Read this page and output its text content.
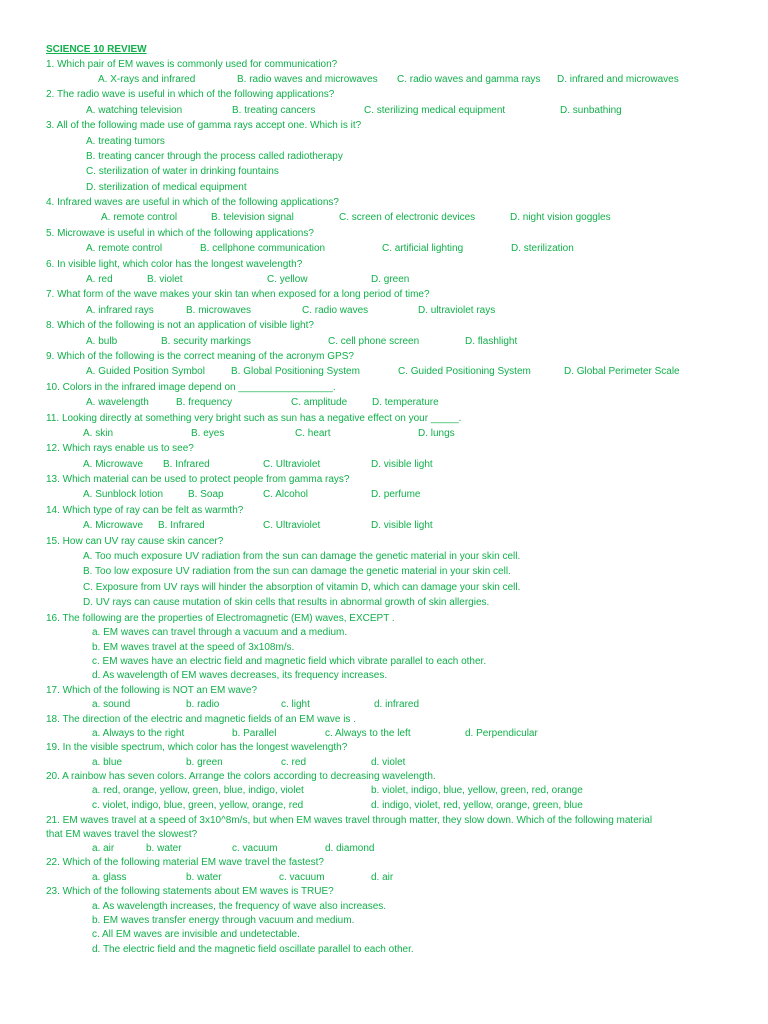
SCIENCE 10 REVIEW
1. Which pair of EM waves is commonly used for communication?
A. X-rays and infrared	B. radio waves and microwaves C. radio waves and gamma rays D. infrared and microwaves
2. The radio wave is useful in which of the following applications?
A. watching television	B. treating cancers	C. sterilizing medical equipment	D. sunbathing
3. All of the following made use of gamma rays accept one. Which is it?
A. treating tumors
B. treating cancer through the process called radiotherapy
C. sterilization of water in drinking fountains
D. sterilization of medical equipment
4. Infrared waves are useful in which of the following applications?
A. remote control	B. television signal	C. screen of electronic devices	D. night vision goggles
5. Microwave is useful in which of the following applications?
A. remote control	B. cellphone communication	C. artificial lighting	D. sterilization
6. In visible light, which color has the longest wavelength?
A. red	B. violet	C. yellow	D. green
7. What form of the wave makes your skin tan when exposed for a long period of time?
A. infrared rays	B. microwaves	C. radio waves	D. ultraviolet rays
8. Which of the following is not an application of visible light?
A. bulb	B. security markings	C. cell phone screen	D. flashlight
9. Which of the following is the correct meaning of the acronym GPS?
A. Guided Position Symbol	B. Global Positioning System	C. Guided Positioning System	D. Global Perimeter Scale
10. Colors in the infrared image depend on _________________.
A. wavelength	B. frequency	C. amplitude D. temperature
11. Looking directly at something very bright such as sun has a negative effect on your _____.
A. skin	B. eyes	C. heart	D. lungs
12. Which rays enable us to see?
A. Microwave B. Infrared	C. Ultraviolet	D. visible light
13. Which material can be used to protect people from gamma rays?
A. Sunblock lotion B. Soap	C. Alcohol	D. perfume
14. Which type of ray can be felt as warmth?
A. Microwave B. Infrared	C. Ultraviolet	D. visible light
15. How can UV ray cause skin cancer?
A. Too much exposure UV radiation from the sun can damage the genetic material in your skin cell.
B. Too low exposure UV radiation from the sun can damage the genetic material in your skin cell.
C. Exposure from UV rays will hinder the absorption of vitamin D, which can damage your skin cell.
D. UV rays can cause mutation of skin cells that results in abnormal growth of skin allergies.
16. The following are the properties of Electromagnetic (EM) waves, EXCEPT .
a. EM waves can travel through a vacuum and a medium.
b. EM waves travel at the speed of 3x108m/s.
c. EM waves have an electric field and magnetic field which vibrate parallel to each other.
d. As wavelength of EM waves decreases, its frequency increases.
17. Which of the following is NOT an EM wave?
a. sound	b. radio	c. light	d. infrared
18. The direction of the electric and magnetic fields of an EM wave is .
a. Always to the right	b. Parallel	c. Always to the left	d. Perpendicular
19. In the visible spectrum, which color has the longest wavelength?
a. blue	b. green	c. red	d. violet
20. A rainbow has seven colors. Arrange the colors according to decreasing wavelength.
a. red, orange, yellow, green, blue, indigo, violet	b. violet, indigo, blue, yellow, green, red, orange
c. violet, indigo, blue, green, yellow, orange, red	d. indigo, violet, red, yellow, orange, green, blue
21. EM waves travel at a speed of 3x10^8m/s, but when EM waves travel through matter, they slow down. Which of the following material
that EM waves travel the slowest?
a. air	b. water	c. vacuum	d. diamond
22. Which of the following material EM wave travel the fastest?
a. glass	b. water	c. vacuum	d. air
23. Which of the following statements about EM waves is TRUE?
a. As wavelength increases, the frequency of wave also increases.
b. EM waves transfer energy through vacuum and medium.
c. All EM waves are invisible and undetectable.
d. The electric field and the magnetic field oscillate parallel to each other.
